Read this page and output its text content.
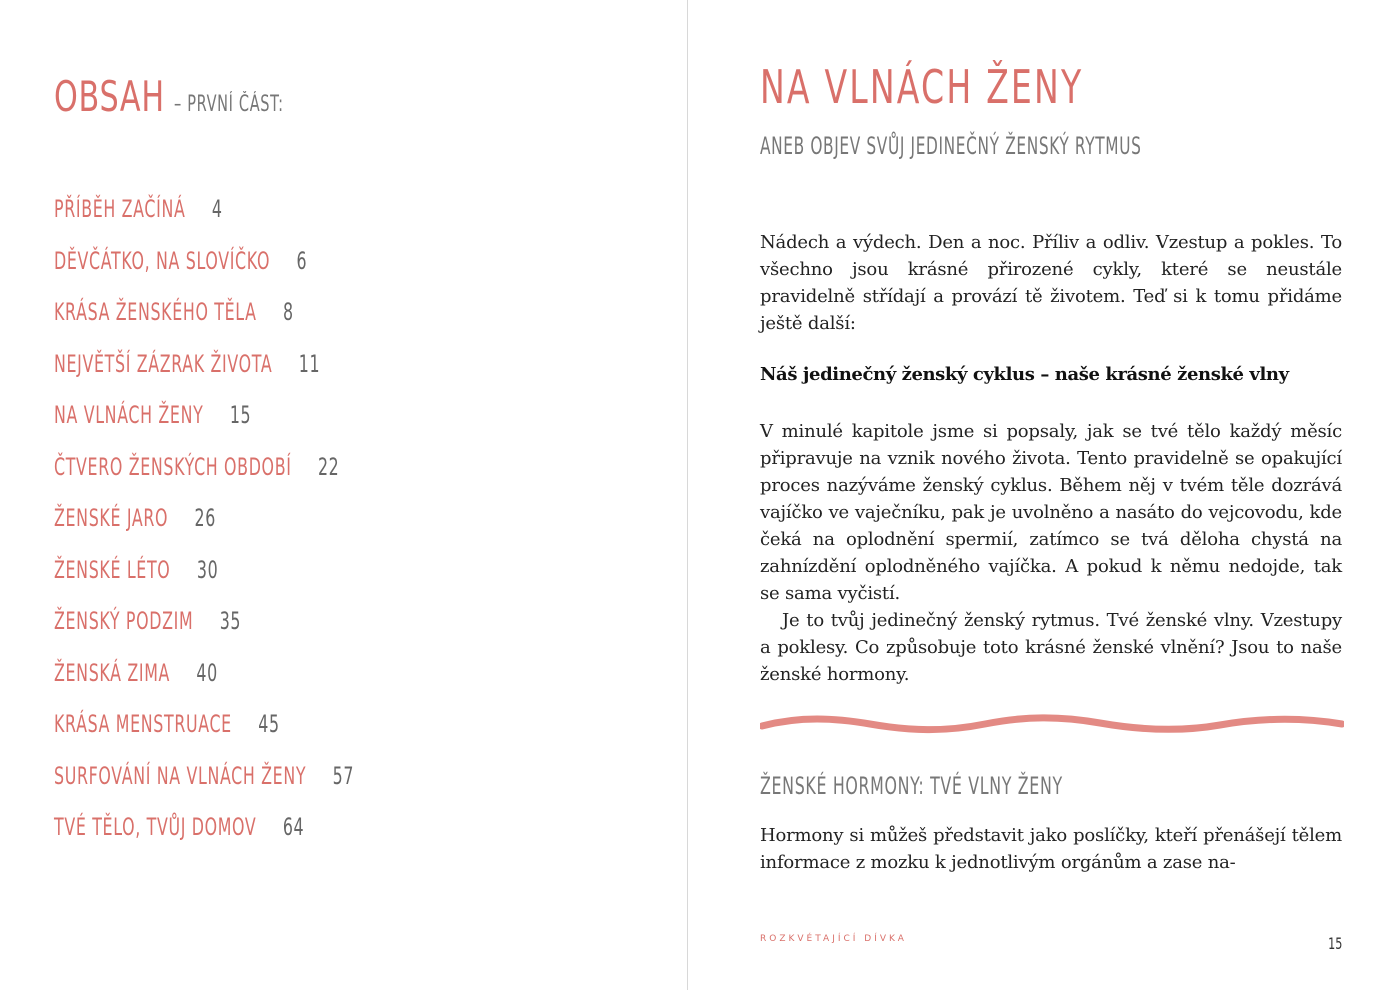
OBSAH – PRVNÍ ČÁST:
PŘÍBĚH ZAČÍNÁ 4
DĚVČÁTKO, NA SLOVÍČKO 6
KRÁSA ŽENSKÉHO TĚLA 8
NEJVĚTŠÍ ZÁZRAK ŽIVOTA 11
NA VLNÁCH ŽENY 15
ČTVERO ŽENSKÝCH OBDOBÍ 22
ŽENSKÉ JARO 26
ŽENSKÉ LÉTO 30
ŽENSKÝ PODZIM 35
ŽENSKÁ ZIMA 40
KRÁSA MENSTRUACE 45
SURFOVÁNÍ NA VLNÁCH ŽENY 57
TVÉ TĚLO, TVŮJ DOMOV 64
NA VLNÁCH ŽENY
ANEB OBJEV SVŮJ JEDINEČNÝ ŽENSKÝ RYTMUS

Nádech a výdech. Den a noc. Příliv a odliv. Vzestup a pokles. To všechno jsou krásné přirozené cykly, které se neustále pravidelně střídají a provází tě životem. Teď si k tomu přidáme ještě další:

Náš jedinečný ženský cyklus – naše krásné ženské vlny

V minulé kapitole jsme si popsaly, jak se tvé tělo každý měsíc připravuje na vznik nového života. Tento pravidelně se opakující proces nazýváme ženský cyklus. Během něj v tvém těle dozrává vajíčko ve vaječníku, pak je uvolněno a nasáto do vejcovodu, kde čeká na oplodnění spermií, zatímco se tvá děloha chystá na zahnízdění oplodněného vajíčka. A pokud k němu nedojde, tak se sama vyčistí.

Je to tvůj jedinečný ženský rytmus. Tvé ženské vlny. Vzestupy a poklesy. Co způsobuje toto krásné ženské vlnění? Jsou to naše ženské hormony.

ŽENSKÉ HORMONY: TVÉ VLNY ŽENY

Hormony si můžeš představit jako poslíčky, kteří přenášejí tělem informace z mozku k jednotlivým orgánům a zase na-

ROZKVÉTAJÍCÍ DÍVKA	15
